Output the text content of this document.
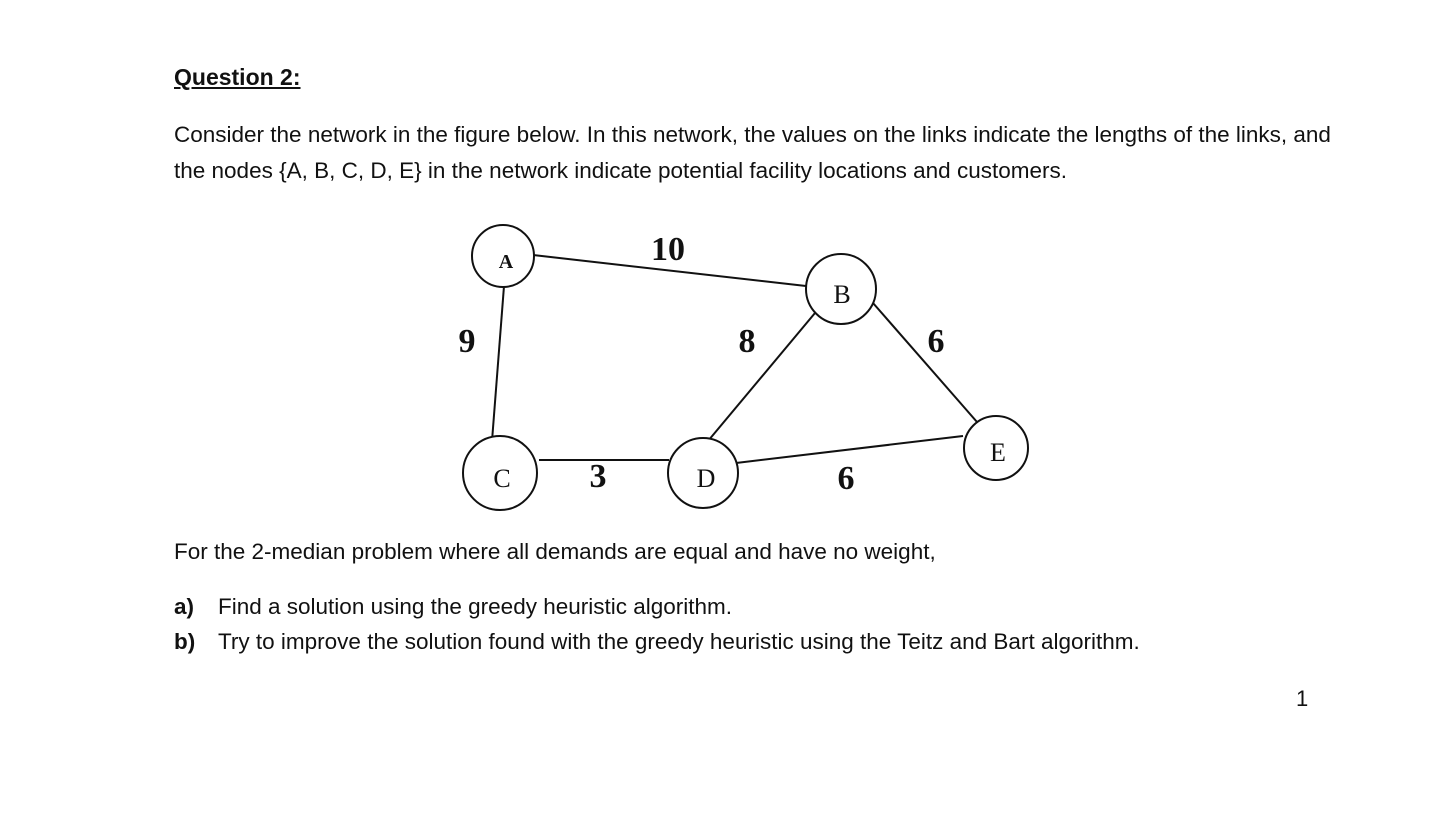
Question 2:
Consider the network in the figure below. In this network, the values on the links indicate the lengths of the links, and the nodes {A, B, C, D, E} in the network indicate potential facility locations and customers.
A
B
C	D
E
10
9	8	6
3	6
For the 2-median problem where all demands are equal and have no weight,
a) Find a solution using the greedy heuristic algorithm.
b) Try to improve the solution found with the greedy heuristic using the Teitz and Bart algorithm.
1
